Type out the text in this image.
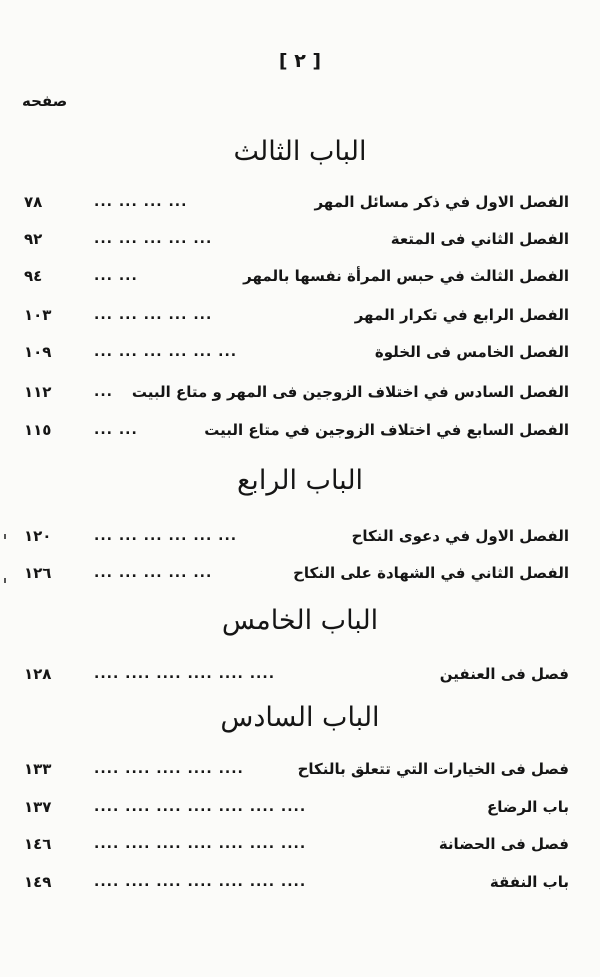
[ ٢ ]
صفحه
الباب الثالث
الفصل الاول في ذكر مسائل المهر
... ... ... ...
٧٨
الفصل الثاني فى المتعة
... ... ... ... ...
٩٢
الفصل الثالث في حبس المرأة نفسها بالمهر
... ...
٩٤
الفصل الرابع في تكرار المهر
... ... ... ... ...
١٠٣
الفصل الخامس فى الخلوة
... ... ... ... ... ...
١٠٩
الفصل السادس في اختلاف الزوجين فى المهر و متاع البيت
...
١١٢
الفصل السابع في اختلاف الزوجين في متاع البيت
... ...
١١٥
الباب الرابع
الفصل الاول في دعوى النكاح
... ... ... ... ... ...
١٢٠
الفصل الثاني في الشهادة على النكاح
... ... ... ... ...
١٢٦
الباب الخامس
فصل فى العنفين
.... .... .... .... .... ....
١٢٨
الباب السادس
فصل فى الخيارات التي تتعلق بالنكاح
.... .... .... .... ....
١٣٣
باب الرضاع
.... .... .... .... .... .... ....
١٣٧
فصل فى الحضانة
.... .... .... .... .... .... ....
١٤٦
باب النفقة
.... .... .... .... .... .... ....
١٤٩
